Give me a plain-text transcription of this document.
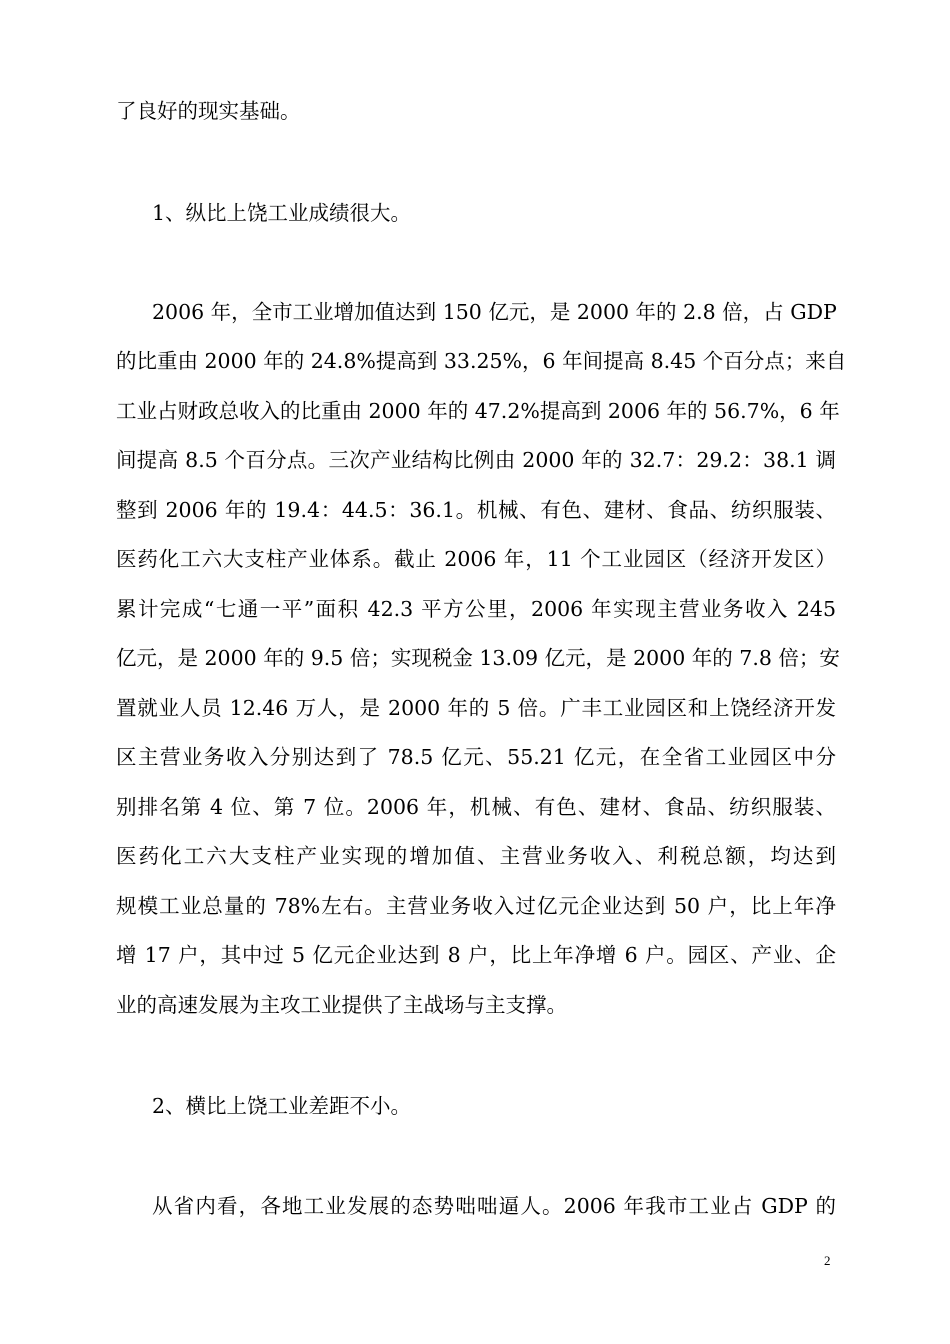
了良好的现实基础。
1、纵比上饶工业成绩很大。
2006 年，全市工业增加值达到 150 亿元，是 2000 年的 2.8 倍，占 GDP
的比重由 2000 年的 24.8%提高到 33.25%，6 年间提高 8.45 个百分点；来自
工业占财政总收入的比重由 2000 年的 47.2%提高到 2006 年的 56.7%，6 年
间提高 8.5 个百分点。三次产业结构比例由 2000 年的 32.7：29.2：38.1 调
整到 2006 年的 19.4：44.5：36.1。机械、有色、建材、食品、纺织服装、
医药化工六大支柱产业体系。截止 2006 年，11 个工业园区（经济开发区）
累计完成“七通一平”面积 42.3 平方公里，2006 年实现主营业务收入 245
亿元，是 2000 年的 9.5 倍；实现税金 13.09 亿元，是 2000 年的 7.8 倍；安
置就业人员 12.46 万人，是 2000 年的 5 倍。广丰工业园区和上饶经济开发
区主营业务收入分别达到了 78.5 亿元、55.21 亿元，在全省工业园区中分
别排名第 4 位、第 7 位。2006 年，机械、有色、建材、食品、纺织服装、
医药化工六大支柱产业实现的增加值、主营业务收入、利税总额，均达到
规模工业总量的 78%左右。主营业务收入过亿元企业达到 50 户，比上年净
增 17 户，其中过 5 亿元企业达到 8 户，比上年净增 6 户。园区、产业、企
业的高速发展为主攻工业提供了主战场与主支撑。
2、横比上饶工业差距不小。
从省内看，各地工业发展的态势咄咄逼人。2006 年我市工业占 GDP 的
2
